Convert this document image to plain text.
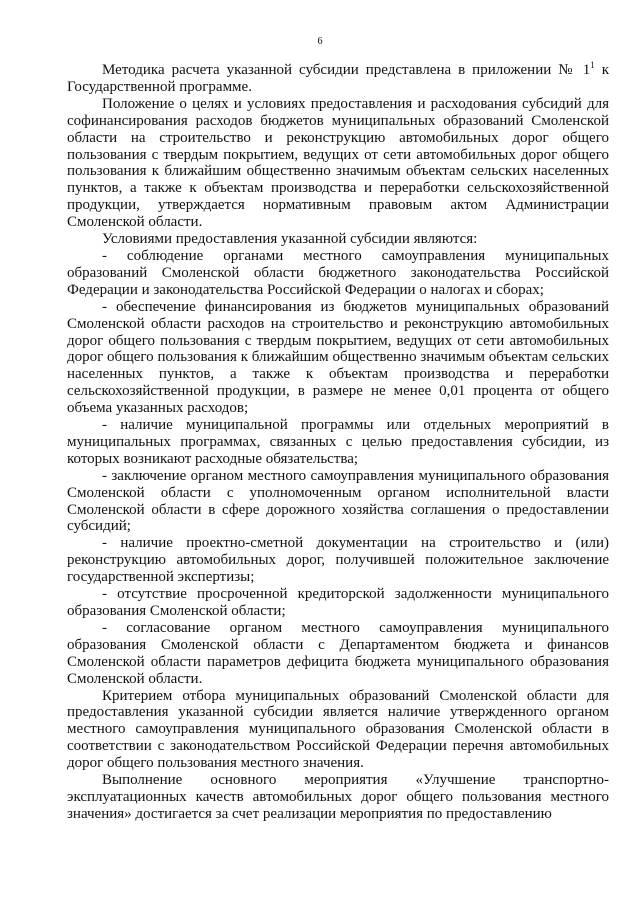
6

Методика расчета указанной субсидии представлена в приложении № $1^1$ к Государственной программе.

Положение о целях и условиях предоставления и расходования субсидий для софинансирования расходов бюджетов муниципальных образований Смоленской области на строительство и реконструкцию автомобильных дорог общего пользования с твердым покрытием, ведущих от сети автомобильных дорог общего пользования к ближайшим общественно значимым объектам сельских населенных пунктов, а также к объектам производства и переработки сельскохозяйственной продукции, утверждается нормативным правовым актом Администрации Смоленской области.

Условиями предоставления указанной субсидии являются:

- соблюдение органами местного самоуправления муниципальных образований Смоленской области бюджетного законодательства Российской Федерации и законодательства Российской Федерации о налогах и сборах;

- обеспечение финансирования из бюджетов муниципальных образований Смоленской области расходов на строительство и реконструкцию автомобильных дорог общего пользования с твердым покрытием, ведущих от сети автомобильных дорог общего пользования к ближайшим общественно значимым объектам сельских населенных пунктов, а также к объектам производства и переработки сельскохозяйственной продукции, в размере не менее 0,01 процента от общего объема указанных расходов;

- наличие муниципальной программы или отдельных мероприятий в муниципальных программах, связанных с целью предоставления субсидии, из которых возникают расходные обязательства;

- заключение органом местного самоуправления муниципального образования Смоленской области с уполномоченным органом исполнительной власти Смоленской области в сфере дорожного хозяйства соглашения о предоставлении субсидий;

- наличие проектно-сметной документации на строительство и (или) реконструкцию автомобильных дорог, получившей положительное заключение государственной экспертизы;

- отсутствие просроченной кредиторской задолженности муниципального образования Смоленской области;

- согласование органом местного самоуправления муниципального образования Смоленской области с Департаментом бюджета и финансов Смоленской области параметров дефицита бюджета муниципального образования Смоленской области.

Критерием отбора муниципальных образований Смоленской области для предоставления указанной субсидии является наличие утвержденного органом местного самоуправления муниципального образования Смоленской области в соответствии с законодательством Российской Федерации перечня автомобильных дорог общего пользования местного значения.

Выполнение основного мероприятия «Улучшение транспортно-эксплуатационных качеств автомобильных дорог общего пользования местного значения» достигается за счет реализации мероприятия по предоставлению
